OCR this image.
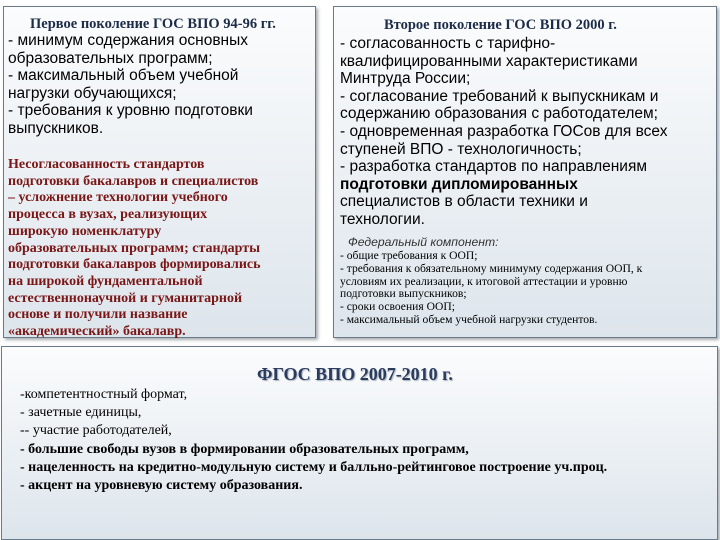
Первое поколение ГОС ВПО 94-96 гг.
- минимум содержания основных
образовательных программ;
- максимальный объем учебной
нагрузки обучающихся;
- требования к уровню подготовки
выпускников.
Несогласованность стандартов
подготовки бакалавров и специалистов
– усложнение технологии учебного
процесса в вузах, реализующих
широкую номенклатуру
образовательных программ; стандарты
подготовки бакалавров формировались
на широкой фундаментальной
естественнонаучной и гуманитарной
основе и получили название
«академический» бакалавр.
Второе поколение ГОС ВПО 2000 г.
- согласованность с тарифно-
квалифицированными характеристиками
Минтруда России;
- согласование требований к выпускникам и
содержанию образования с работодателем;
- одновременная разработка ГОСов для всех
ступеней ВПО - технологичность;
- разработка стандартов по направлениям
подготовки дипломированных
специалистов в области техники и
технологии.
Федеральный компонент:
- общие требования к ООП;
- требования к обязательному минимуму содержания ООП, к
условиям их реализации, к итоговой аттестации и уровню
подготовки выпускников;
- сроки освоения ООП;
- максимальный объем учебной нагрузки студентов.
ФГОС ВПО 2007-2010 г.
-компетентностный формат,
- зачетные единицы,
-- участие работодателей,
- большие свободы вузов в формировании образовательных программ,
- нацеленность на кредитно-модульную систему и балльно-рейтинговое построение уч.проц.
- акцент на уровневую систему образования.
